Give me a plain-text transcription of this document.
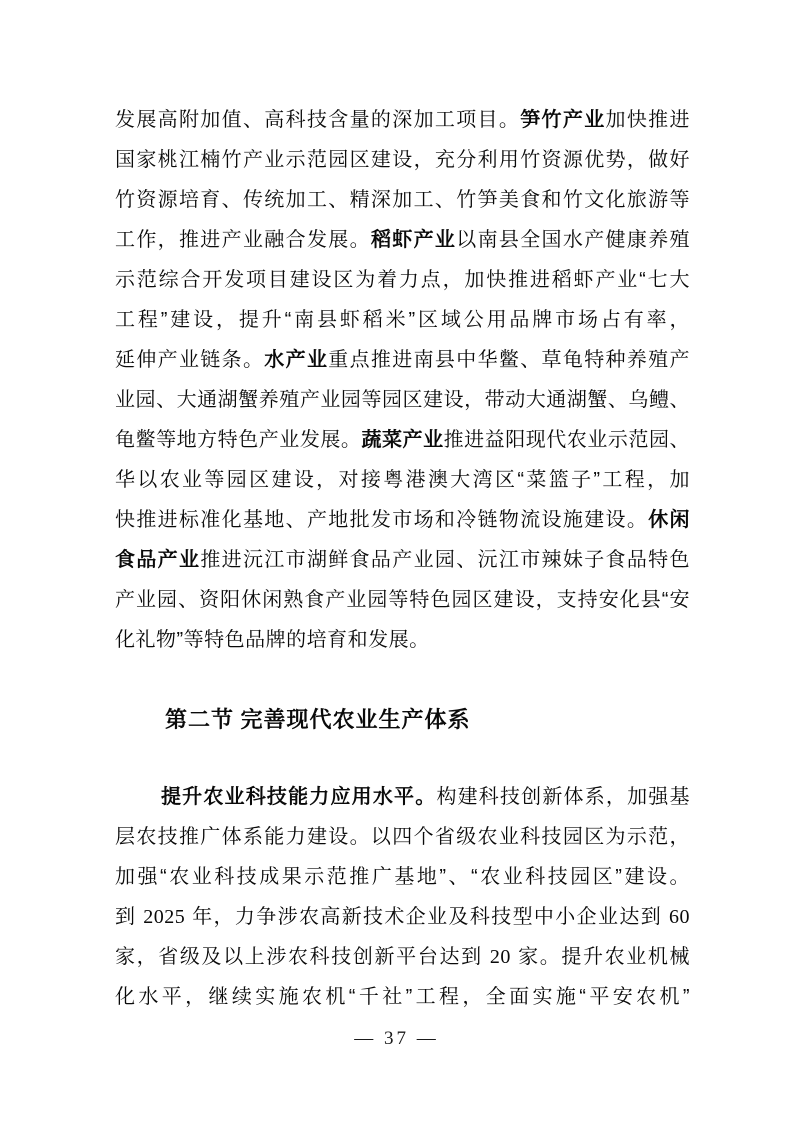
发展高附加值、高科技含量的深加工项目。笋竹产业加快推进
国家桃江楠竹产业示范园区建设，充分利用竹资源优势，做好
竹资源培育、传统加工、精深加工、竹笋美食和竹文化旅游等
工作，推进产业融合发展。稻虾产业以南县全国水产健康养殖
示范综合开发项目建设区为着力点，加快推进稻虾产业“七大
工程”建设，提升“南县虾稻米”区域公用品牌市场占有率，
延伸产业链条。水产业重点推进南县中华鳖、草龟特种养殖产
业园、大通湖蟹养殖产业园等园区建设，带动大通湖蟹、乌鳢、
龟鳖等地方特色产业发展。蔬菜产业推进益阳现代农业示范园、
华以农业等园区建设，对接粤港澳大湾区“菜篮子”工程，加
快推进标准化基地、产地批发市场和冷链物流设施建设。休闲
食品产业推进沅江市湖鲜食品产业园、沅江市辣妹子食品特色
产业园、资阳休闲熟食产业园等特色园区建设，支持安化县“安
化礼物”等特色品牌的培育和发展。
第二节 完善现代农业生产体系
提升农业科技能力应用水平。构建科技创新体系，加强基
层农技推广体系能力建设。以四个省级农业科技园区为示范，
加强“农业科技成果示范推广基地”、“农业科技园区”建设。
到 2025 年，力争涉农高新技术企业及科技型中小企业达到 60
家，省级及以上涉农科技创新平台达到 20 家。提升农业机械
化水平，继续实施农机“千社”工程，全面实施“平安农机”
— 37 —
